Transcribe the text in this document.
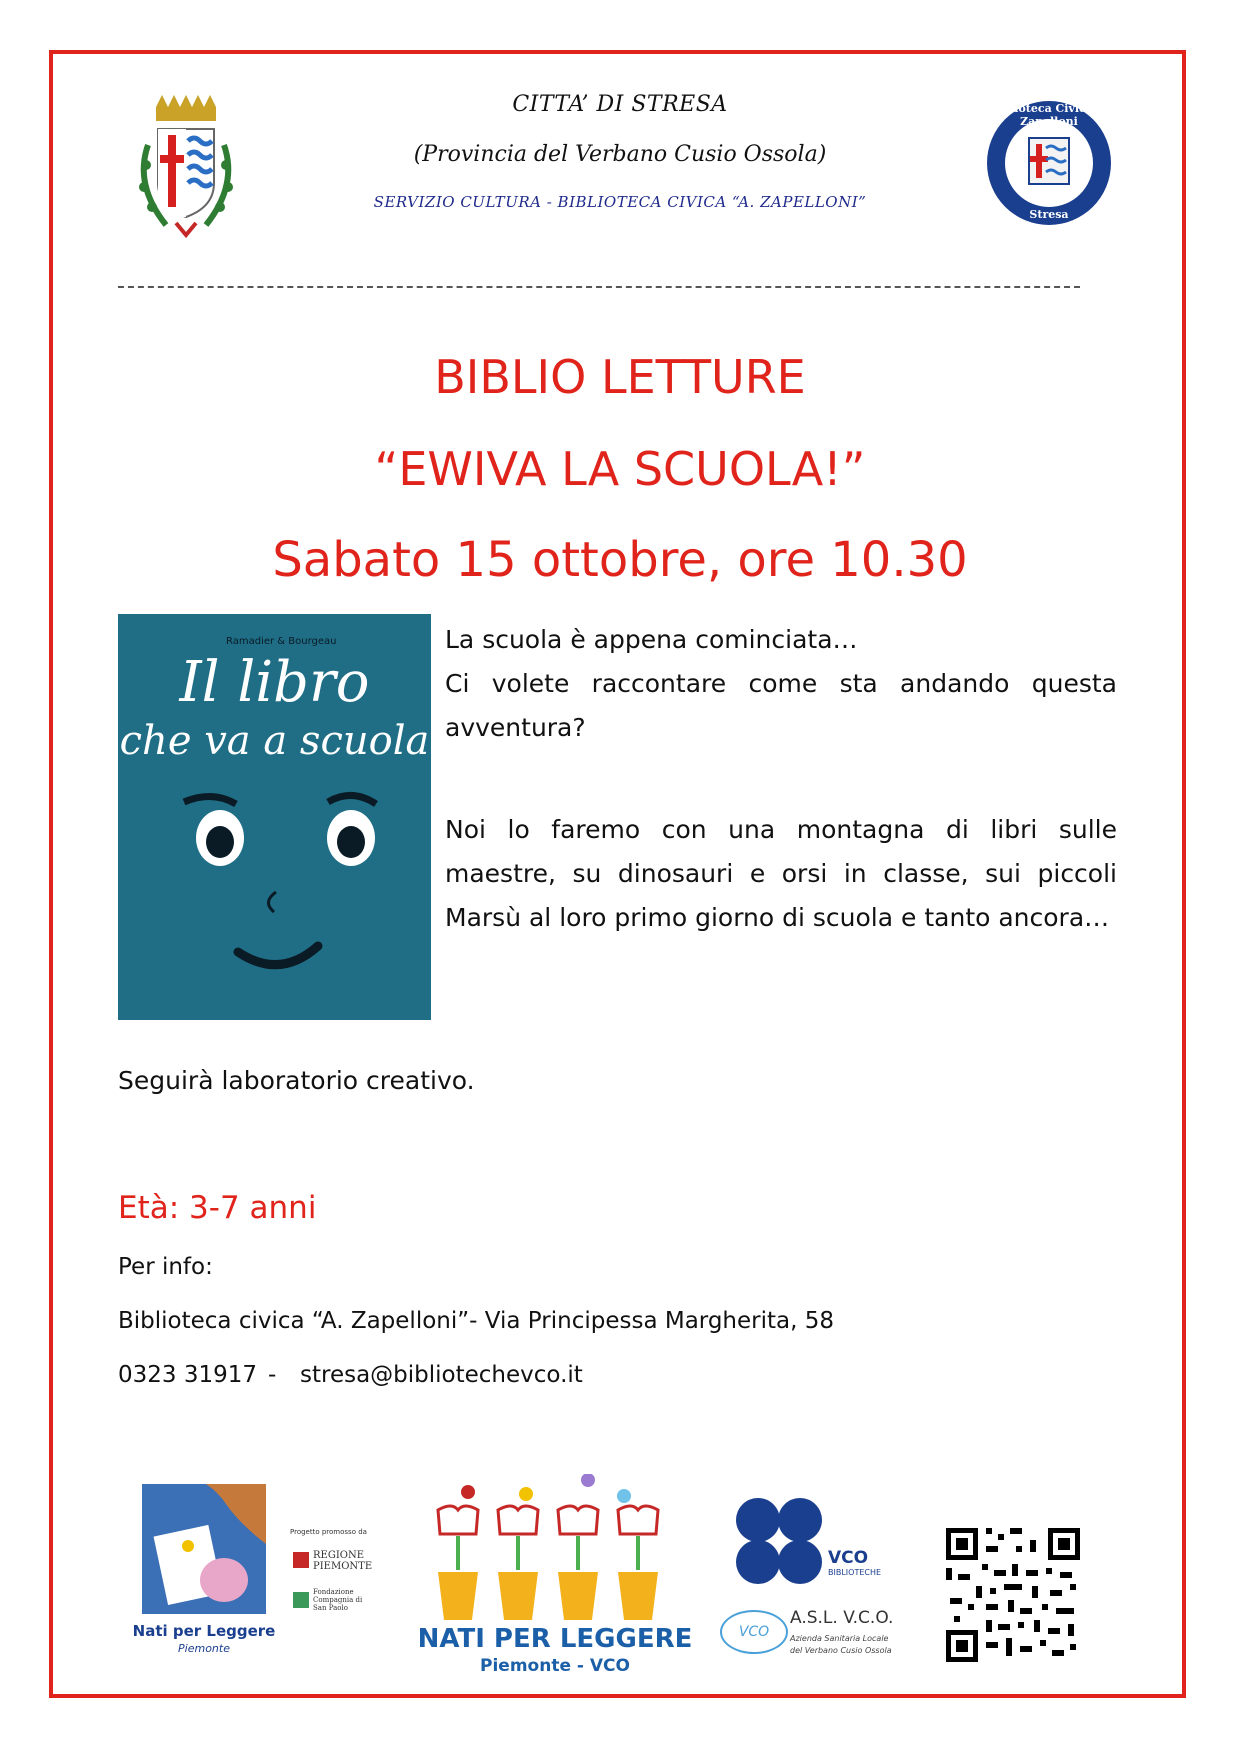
CITTA’ DI STRESA
(Provincia del Verbano Cusio Ossola)
SERVIZIO CULTURA - BIBLIOTECA CIVICA “A. ZAPELLONI”
Biblioteca Civica A. Zapelloni
Stresa
BIBLIO LETTURE
“EWIVA LA SCUOLA!”
Sabato 15 ottobre, ore 10.30
Ramadier & Bourgeau
Il libro
che va a scuola
La scuola è appena cominciata…
Ci volete raccontare come sta andando questa avventura?
Noi lo faremo con una montagna di libri sulle maestre, su dinosauri e orsi in classe, sui piccoli Marsù al loro primo giorno di scuola e tanto ancora…
Seguirà laboratorio creativo.
Età: 3-7 anni
Per info:
Biblioteca civica “A. Zapelloni”- Via Principessa Margherita, 58
0323 31917 - stresa@bibliotechevco.it
Nati per Leggere
Piemonte
Progetto promosso da
REGIONE PIEMONTE
Fondazione Compagnia di San Paolo
NATI PER LEGGERE
Piemonte - VCO
VCO
BIBLIOTECHE
VCO
A.S.L. V.C.O.
Azienda Sanitaria Locale
del Verbano Cusio Ossola
